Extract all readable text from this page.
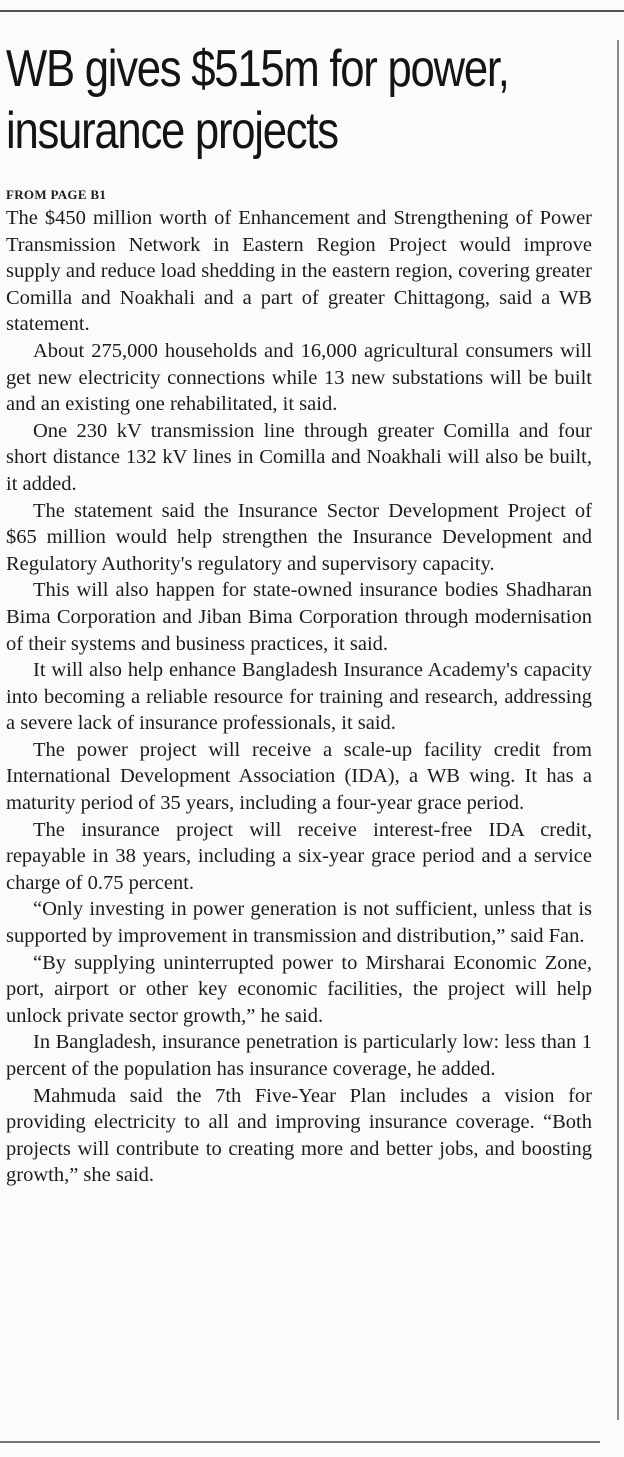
WB gives $515m for power,
insurance projects
FROM PAGE B1

The $450 million worth of Enhancement and Strengthening of Power Transmission Network in Eastern Region Project would improve supply and reduce load shedding in the eastern region, covering greater Comilla and Noakhali and a part of greater Chittagong, said a WB statement.

About 275,000 households and 16,000 agricultural consumers will get new electricity connections while 13 new substations will be built and an existing one rehabilitated, it said.

One 230 kV transmission line through greater Comilla and four short distance 132 kV lines in Comilla and Noakhali will also be built, it added.

The statement said the Insurance Sector Development Project of $65 million would help strengthen the Insurance Development and Regulatory Authority's regulatory and supervisory capacity.

This will also happen for state-owned insurance bodies Shadharan Bima Corporation and Jiban Bima Corporation through modernisation of their systems and business practices, it said.

It will also help enhance Bangladesh Insurance Academy's capacity into becoming a reliable resource for training and research, addressing a severe lack of insurance professionals, it said.

The power project will receive a scale-up facility credit from International Development Association (IDA), a WB wing. It has a maturity period of 35 years, including a four-year grace period.

The insurance project will receive interest-free IDA credit, repayable in 38 years, including a six-year grace period and a service charge of 0.75 percent.

“Only investing in power generation is not sufficient, unless that is supported by improvement in transmission and distribution,” said Fan.

“By supplying uninterrupted power to Mirsharai Economic Zone, port, airport or other key economic facilities, the project will help unlock private sector growth,” he said.

In Bangladesh, insurance penetration is particularly low: less than 1 percent of the population has insurance coverage, he added.

Mahmuda said the 7th Five-Year Plan includes a vision for providing electricity to all and improving insurance coverage. “Both projects will contribute to creating more and better jobs, and boosting growth,” she said.
